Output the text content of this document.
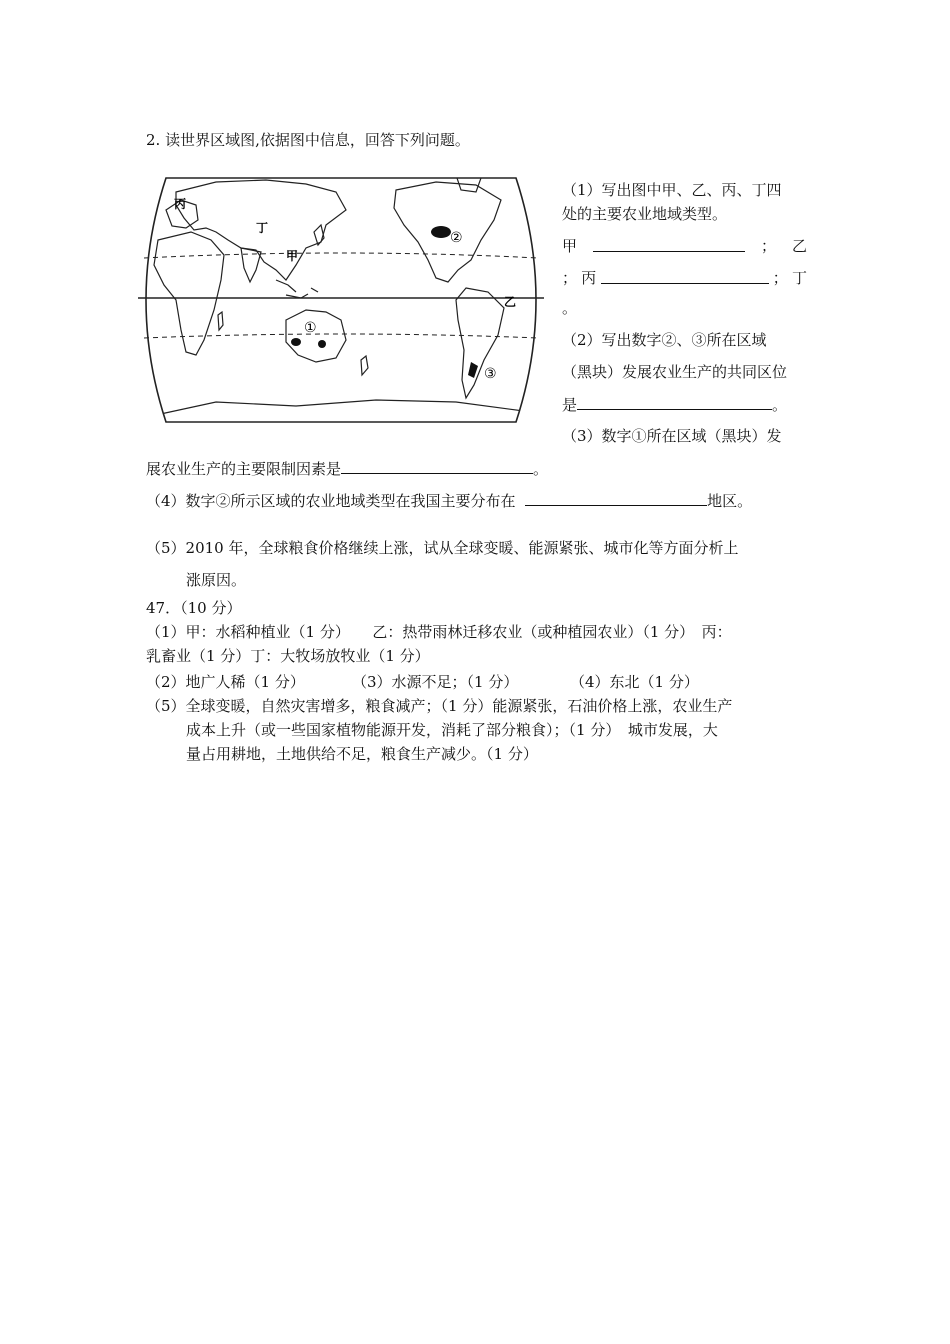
2. 读世界区域图,依据图中信息，回答下列问题。
丙
丁
甲
乙
②
①
③
（1）写出图中甲、乙、丙、丁四
处的主要农业地域类型。
甲	； 乙
； 丙	； 丁
。
（2）写出数字②、③所在区域
（黑块）发展农业生产的共同区位
是	。
（3）数字①所在区域（黑块）发
展农业生产的主要限制因素是	。
（4）数字②所示区域的农业地域类型在我国主要分布在	地区。
（5）2010 年，全球粮食价格继续上涨，试从全球变暖、能源紧张、城市化等方面分析上
涨原因。
47．（10 分）
（1）甲：水稻种植业（1 分）　　乙：热带雨林迁移农业（或种植园农业）（1 分）　丙：
乳畜业（1 分）丁：大牧场放牧业（1 分）
（2）地广人稀（1 分）	（3）水源不足；（1 分）	（4）东北（1 分）
（5）全球变暖，自然灾害增多，粮食减产；（1 分）能源紧张，石油价格上涨，农业生产
成本上升（或一些国家植物能源开发，消耗了部分粮食）；（1 分）　城市发展，大
量占用耕地，土地供给不足，粮食生产减少。（1 分）
